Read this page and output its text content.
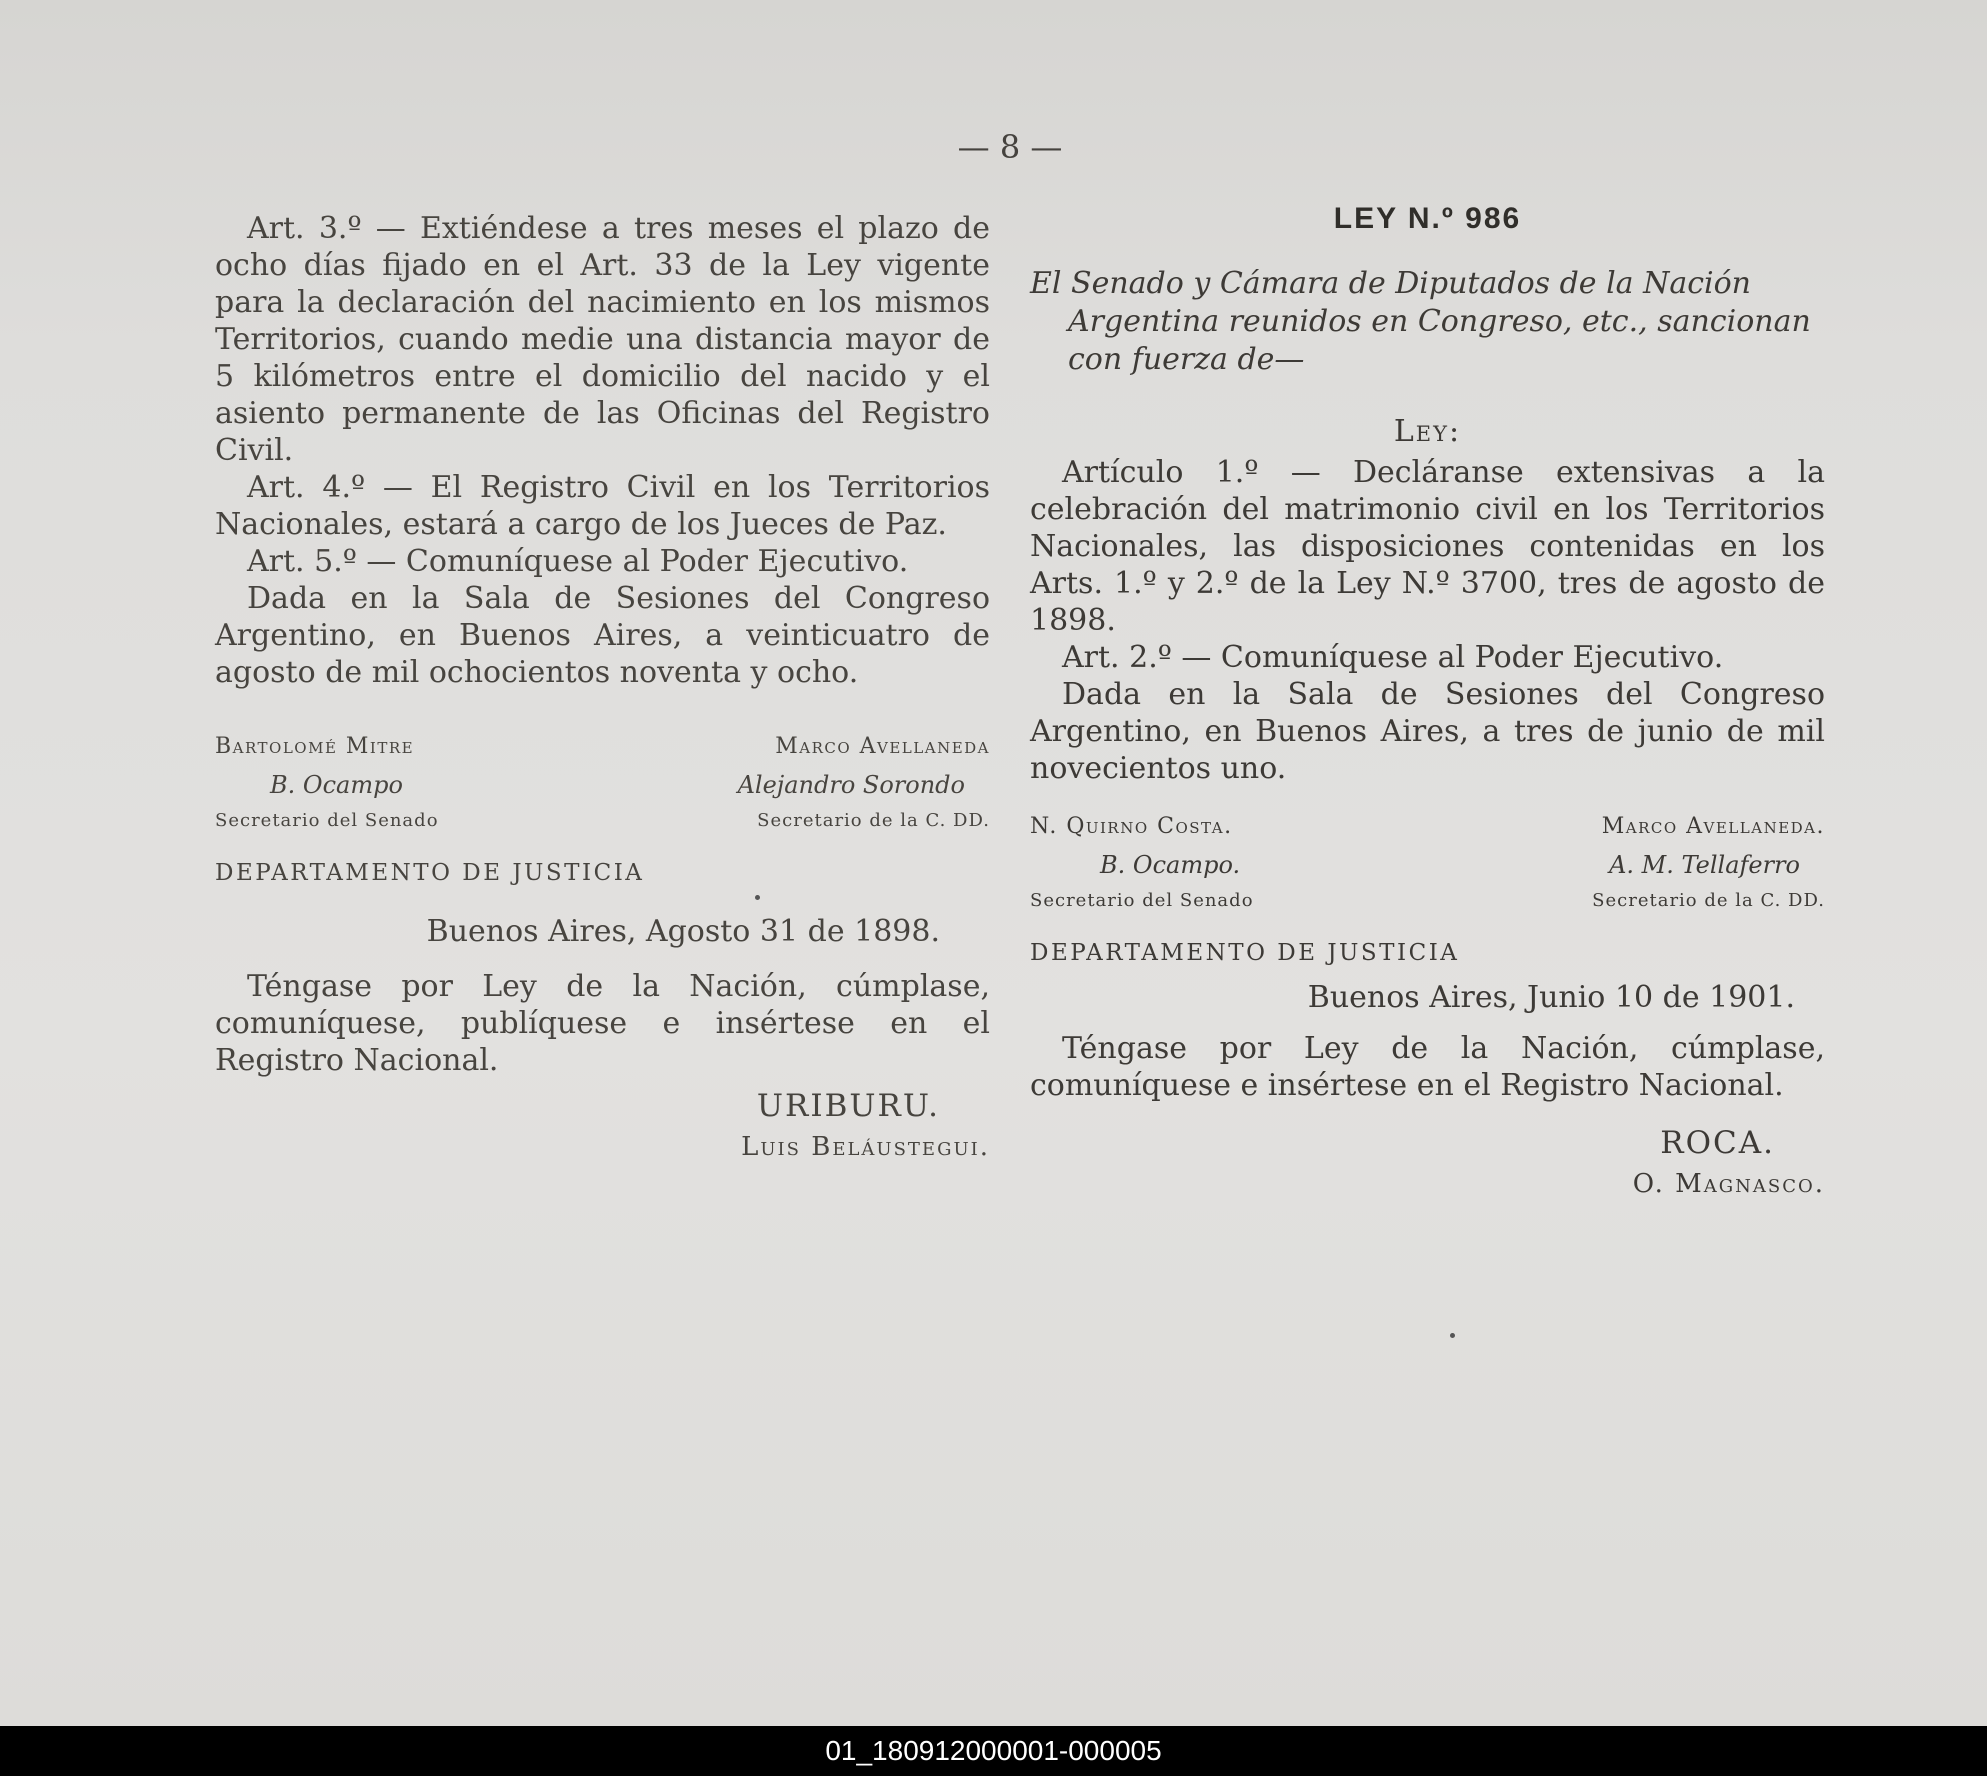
— 8 —

Art. 3.º — Extiéndese a tres meses el plazo de ocho días fijado en el Art. 33 de la Ley vigente para la declaración del nacimiento en los mismos Territorios, cuando medie una distancia mayor de 5 kilómetros entre el domicilio del nacido y el asiento permanente de las Oficinas del Registro Civil.

Art. 4.º — El Registro Civil en los Territorios Nacionales, estará a cargo de los Jueces de Paz.

Art. 5.º — Comuníquese al Poder Ejecutivo.

Dada en la Sala de Sesiones del Congreso Argentino, en Buenos Aires, a veinticuatro de agosto de mil ochocientos noventa y ocho.

Bartolomé Mitre
B. Ocampo
Secretario del Senado
Marco Avellaneda
Alejandro Sorondo
Secretario de la C. DD.
DEPARTAMENTO DE JUSTICIA
Buenos Aires, Agosto 31 de 1898.

Téngase por Ley de la Nación, cúmplase, comuníquese, publíquese e insértese en el Registro Nacional.

URIBURU.
Luis Beláustegui.
LEY N.º 986

El Senado y Cámara de Diputados de la Nación Argentina reunidos en Congreso, etc., sancionan con fuerza de—

Ley:

Artículo 1.º — Decláranse extensivas a la celebración del matrimonio civil en los Territorios Nacionales, las disposiciones contenidas en los Arts. 1.º y 2.º de la Ley N.º 3700, tres de agosto de 1898.

Art. 2.º — Comuníquese al Poder Ejecutivo.

Dada en la Sala de Sesiones del Congreso Argentino, en Buenos Aires, a tres de junio de mil novecientos uno.

N. Quirno Costa.
B. Ocampo.
Secretario del Senado
Marco Avellaneda.
A. M. Tellaferro
Secretario de la C. DD.
DEPARTAMENTO DE JUSTICIA
Buenos Aires, Junio 10 de 1901.

Téngase por Ley de la Nación, cúmplase, comuníquese e insértese en el Registro Nacional.

ROCA.
O. Magnasco.
01_180912000001-000005
